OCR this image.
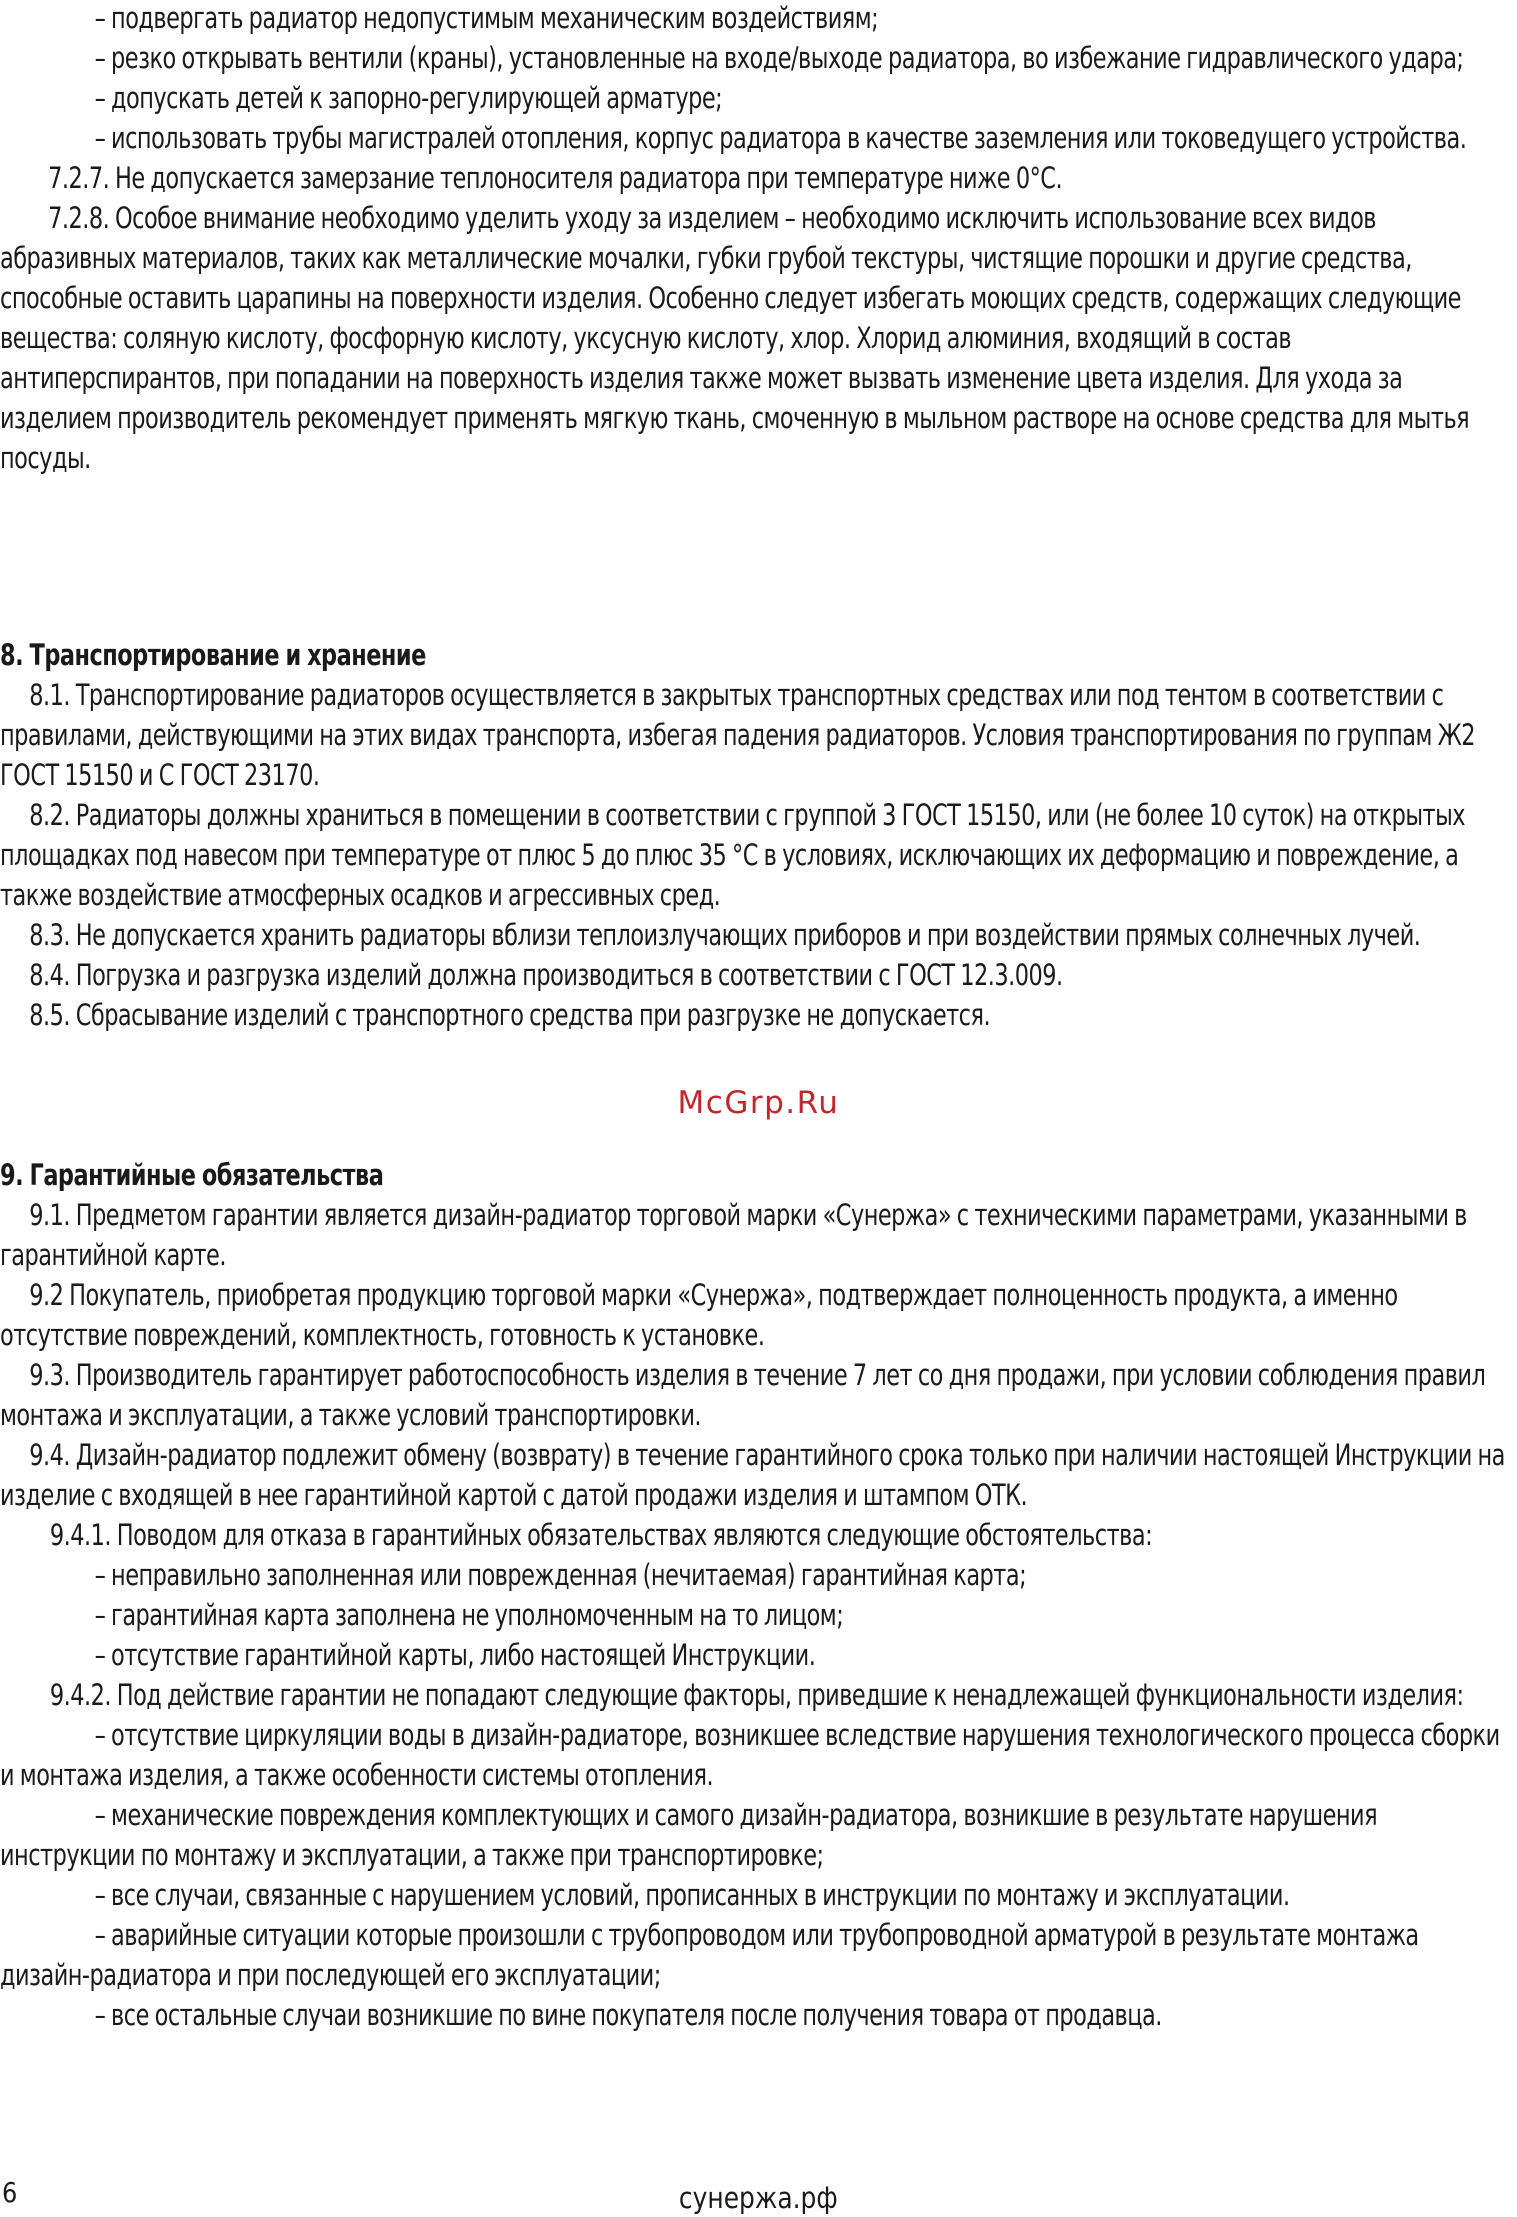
– подвергать радиатор недопустимым механическим воздействиям;

– резко открывать вентили (краны), установленные на входе/выходе радиатора, во избежание гидравлического удара;

– допускать детей к запорно-регулирующей арматуре;

– использовать трубы магистралей отопления, корпус радиатора в качестве заземления или токоведущего устройства.

7.2.7. Не допускается замерзание теплоносителя радиатора при температуре ниже 0°С.

7.2.8. Особое внимание необходимо уделить уходу за изделием – необходимо исключить использование всех видов абразивных материалов, таких как металлические мочалки, губки грубой текстуры, чистящие порошки и другие средства, способные оставить царапины на поверхности изделия. Особенно следует избегать моющих средств, содержащих следующие вещества: соляную кислоту, фосфорную кислоту, уксусную кислоту, хлор. Хлорид алюминия, входящий в состав антиперспирантов, при попадании на поверхность изделия также может вызвать изменение цвета изделия. Для ухода за изделием производитель рекомендует применять мягкую ткань, смоченную в мыльном растворе на основе средства для мытья посуды.

8. Транспортирование и хранение

8.1. Транспортирование радиаторов осуществляется в закрытых транспортных средствах или под тентом в соответствии с правилами, действующими на этих видах транспорта, избегая падения радиаторов. Условия транспортирования по группам Ж2 ГОСТ 15150 и С ГОСТ 23170.

8.2. Радиаторы должны храниться в помещении в соответствии с группой 3 ГОСТ 15150, или (не более 10 суток) на открытых площадках под навесом при температуре от плюс 5 до плюс 35 °С в условиях, исключающих их деформацию и повреждение, а также воздействие атмосферных осадков и агрессивных сред.

8.3. Не допускается хранить радиаторы вблизи теплоизлучающих приборов и при воздействии прямых солнечных лучей.

8.4. Погрузка и разгрузка изделий должна производиться в соответствии с ГОСТ 12.3.009.

8.5. Сбрасывание изделий с транспортного средства при разгрузке не допускается.

McGrp.Ru

9. Гарантийные обязательства

9.1. Предметом гарантии является дизайн-радиатор торговой марки «Сунержа» с техническими параметрами, указанными в гарантийной карте.

9.2 Покупатель, приобретая продукцию торговой марки «Сунержа», подтверждает полноценность продукта, а именно отсутствие повреждений, комплектность, готовность к установке.

9.3. Производитель гарантирует работоспособность изделия в течение 7 лет со дня продажи, при условии соблюдения правил монтажа и эксплуатации, а также условий транспортировки.

9.4. Дизайн-радиатор подлежит обмену (возврату) в течение гарантийного срока только при наличии настоящей Инструкции на изделие с входящей в нее гарантийной картой с датой продажи изделия и штампом ОТК.

9.4.1. Поводом для отказа в гарантийных обязательствах являются следующие обстоятельства:

– неправильно заполненная или поврежденная (нечитаемая) гарантийная карта;

– гарантийная карта заполнена не уполномоченным на то лицом;

– отсутствие гарантийной карты, либо настоящей Инструкции.

9.4.2. Под действие гарантии не попадают следующие факторы, приведшие к ненадлежащей функциональности изделия:

– отсутствие циркуляции воды в дизайн-радиаторе, возникшее вследствие нарушения технологического процесса сборки и монтажа изделия, а также особенности системы отопления.

– механические повреждения комплектующих и самого дизайн-радиатора, возникшие в результате нарушения инструкции по монтажу и эксплуатации, а также при транспортировке;

– все случаи, связанные с нарушением условий, прописанных в инструкции по монтажу и эксплуатации.

– аварийные ситуации которые произошли с трубопроводом или трубопроводной арматурой в результате монтажа дизайн-радиатора и при последующей его эксплуатации;

– все остальные случаи возникшие по вине покупателя после получения товара от продавца.

6	сунержа.рф
